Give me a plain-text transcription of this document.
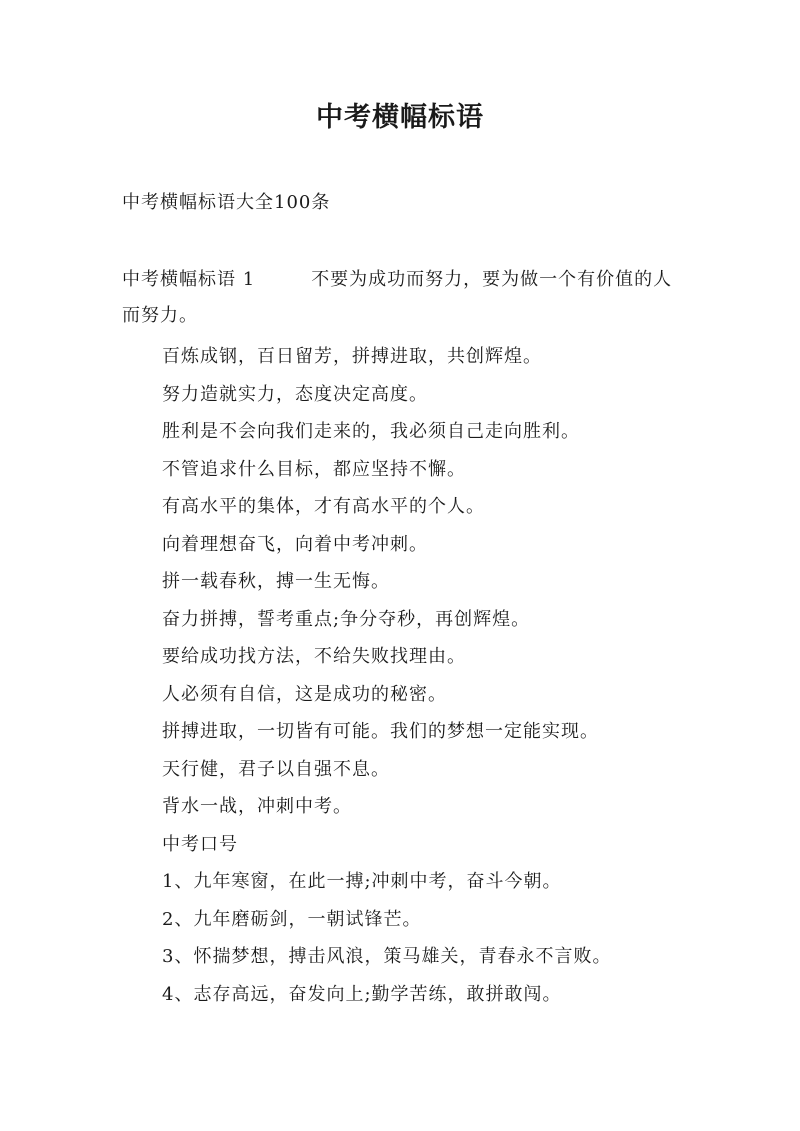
中考横幅标语
中考横幅标语大全100条
中考横幅标语 1	不要为成功而努力，要为做一个有价值的人而努力。
百炼成钢，百日留芳，拼搏进取，共创辉煌。
努力造就实力，态度决定高度。
胜利是不会向我们走来的，我必须自己走向胜利。
不管追求什么目标，都应坚持不懈。
有高水平的集体，才有高水平的个人。
向着理想奋飞，向着中考冲刺。
拼一载春秋，搏一生无悔。
奋力拼搏，誓考重点;争分夺秒，再创辉煌。
要给成功找方法，不给失败找理由。
人必须有自信，这是成功的秘密。
拼搏进取，一切皆有可能。我们的梦想一定能实现。
天行健，君子以自强不息。
背水一战，冲刺中考。
中考口号
1、九年寒窗，在此一搏;冲刺中考，奋斗今朝。
2、九年磨砺剑，一朝试锋芒。
3、怀揣梦想，搏击风浪，策马雄关，青春永不言败。
4、志存高远，奋发向上;勤学苦练，敢拼敢闯。
